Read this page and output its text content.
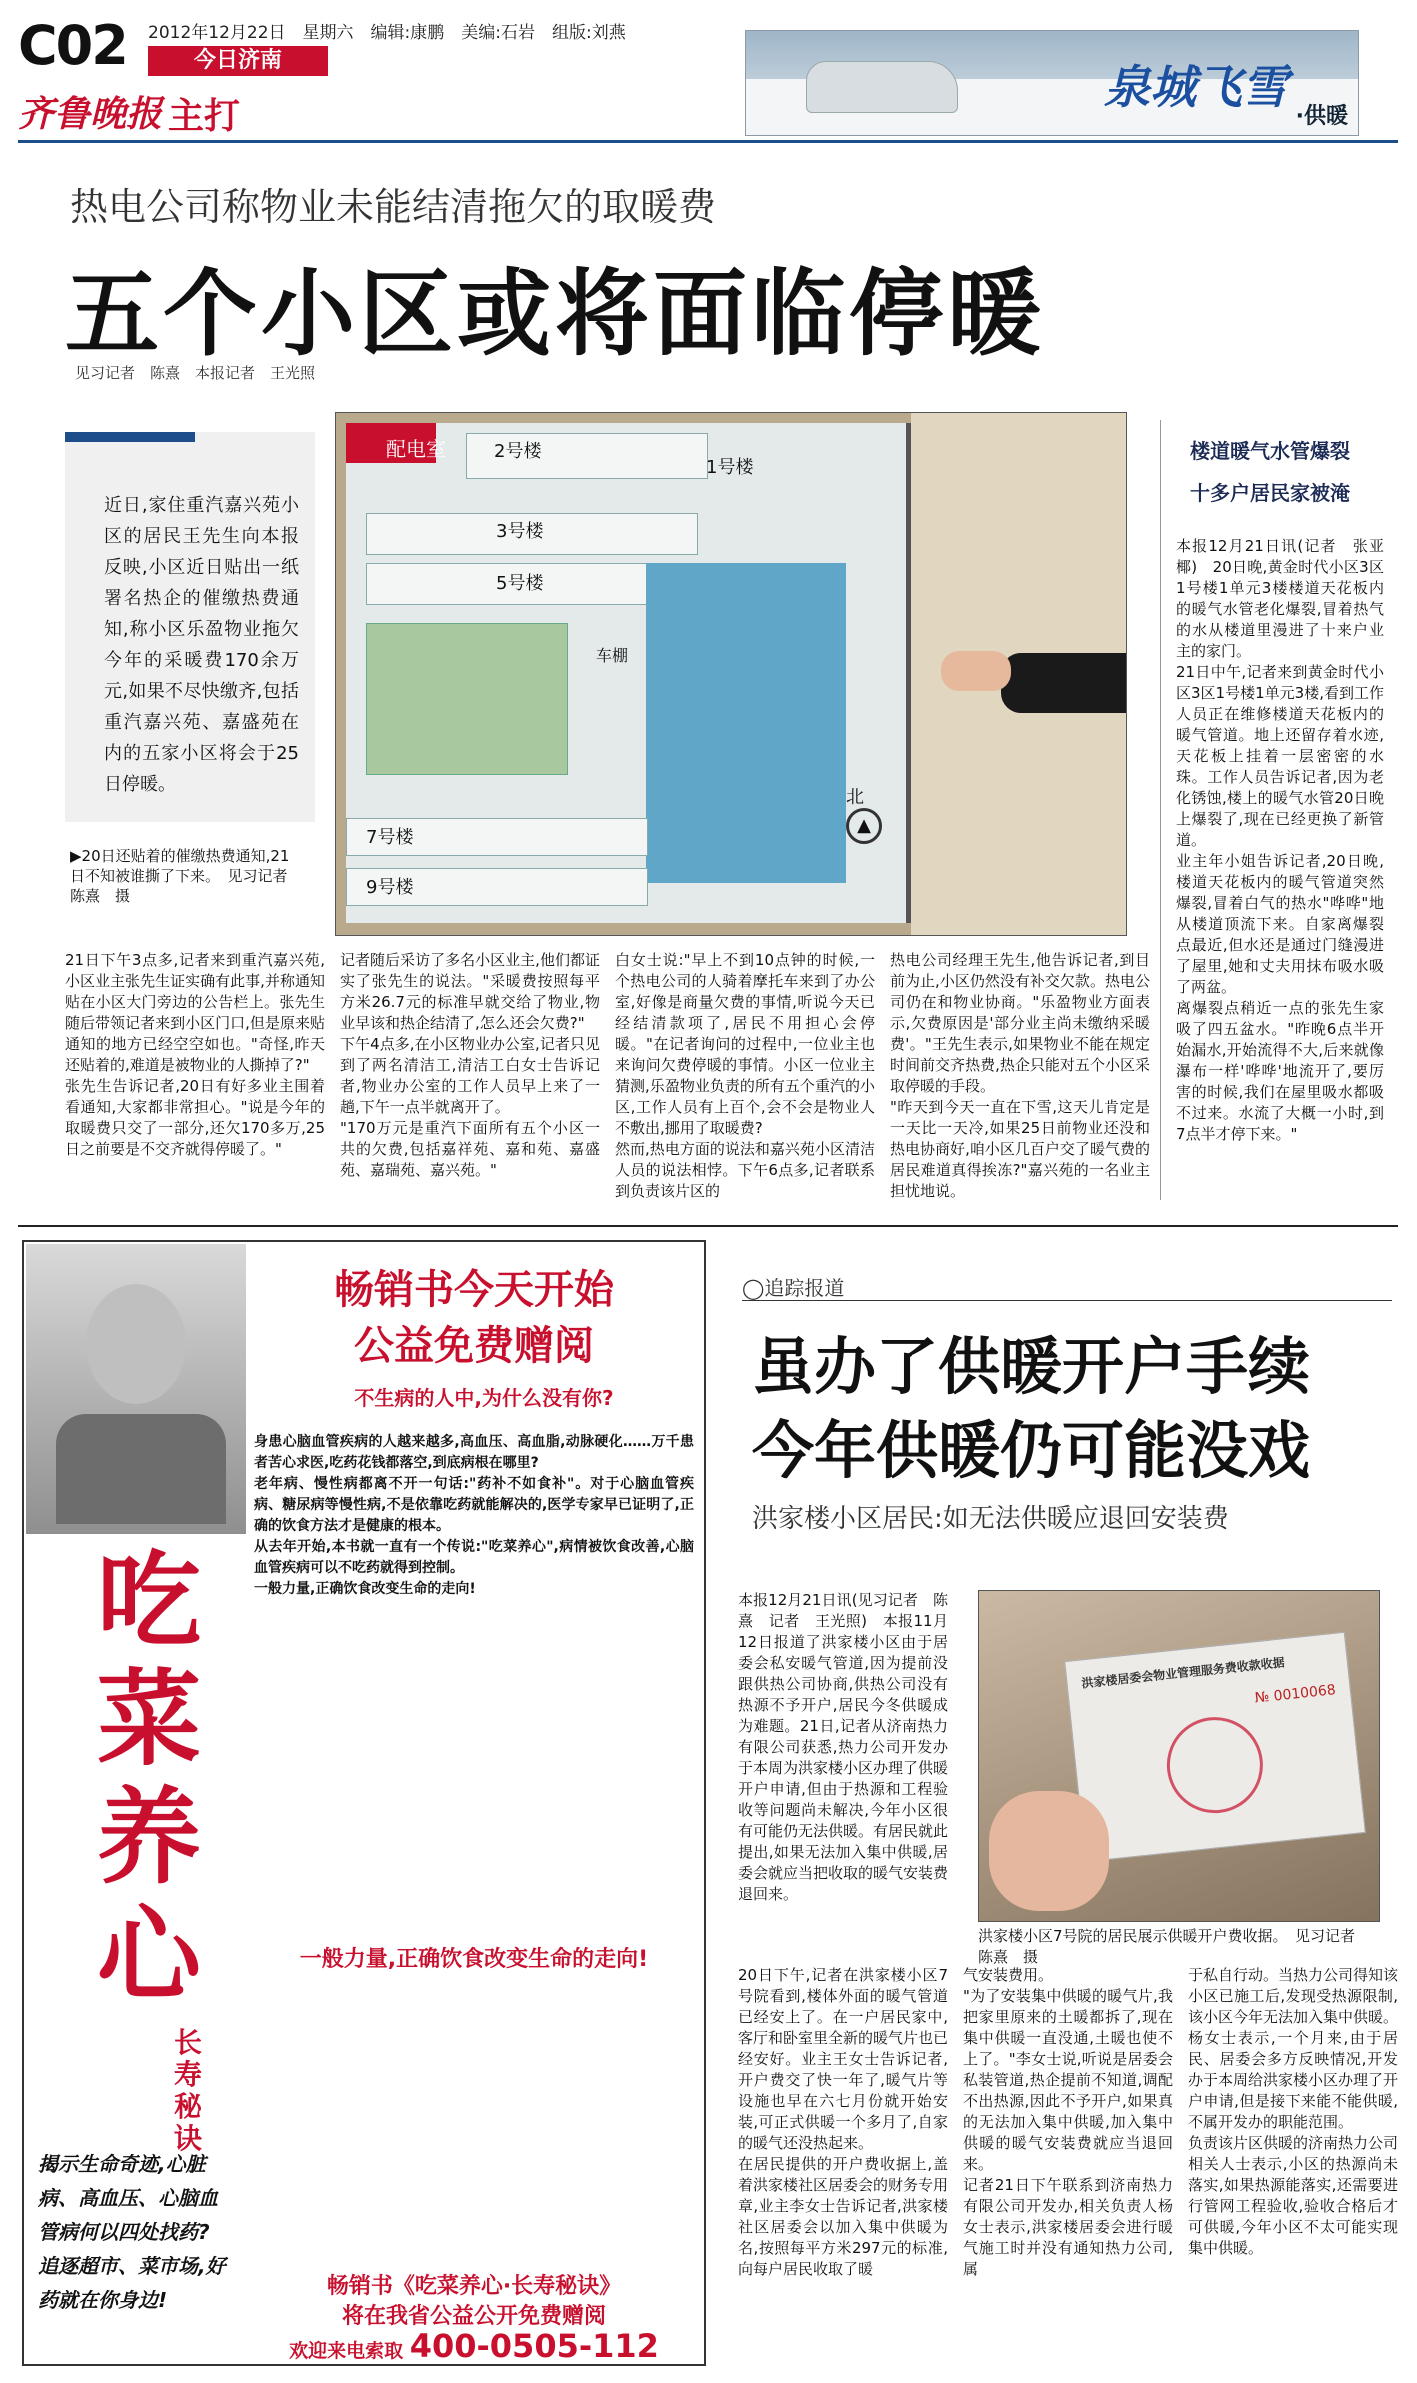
C02 2012年12月22日　星期六　编辑:康鹏　美编:石岩　组版:刘燕
今日济南
齐鲁晚报 主打
泉城飞雪
·供暖
热电公司称物业未能结清拖欠的取暖费
五个小区或将面临停暖
见习记者　陈熹　本报记者　王光照
近日,家住重汽嘉兴苑小区的居民王先生向本报反映,小区近日贴出一纸署名热企的催缴热费通知,称小区乐盈物业拖欠今年的采暖费170余万元,如果不尽快缴齐,包括重汽嘉兴苑、嘉盛苑在内的五家小区将会于25日停暖。
配电室	2号楼
1号楼
3号楼
5号楼
车棚
7号楼
9号楼
北
▲
▶20日还贴着的催缴热费通知,21日不知被谁撕了下来。　见习记者　陈熹　摄
楼道暖气水管爆裂
十多户居民家被淹
本报12月21日讯(记者　张亚椰)　20日晚,黄金时代小区3区1号楼1单元3楼楼道天花板内的暖气水管老化爆裂,冒着热气的水从楼道里漫进了十来户业主的家门。
21日中午,记者来到黄金时代小区3区1号楼1单元3楼,看到工作人员正在维修楼道天花板内的暖气管道。地上还留存着水迹,天花板上挂着一层密密的水珠。工作人员告诉记者,因为老化锈蚀,楼上的暖气水管20日晚上爆裂了,现在已经更换了新管道。
业主年小姐告诉记者,20日晚,楼道天花板内的暖气管道突然爆裂,冒着白气的热水"哗哗"地从楼道顶流下来。自家离爆裂点最近,但水还是通过门缝漫进了屋里,她和丈夫用抹布吸水吸了两盆。
离爆裂点稍近一点的张先生家吸了四五盆水。"昨晚6点半开始漏水,开始流得不大,后来就像瀑布一样'哗哗'地流开了,要厉害的时候,我们在屋里吸水都吸不过来。水流了大概一小时,到7点半才停下来。"
21日下午3点多,记者来到重汽嘉兴苑,小区业主张先生证实确有此事,并称通知贴在小区大门旁边的公告栏上。张先生随后带领记者来到小区门口,但是原来贴通知的地方已经空空如也。"奇怪,昨天还贴着的,难道是被物业的人撕掉了?"
张先生告诉记者,20日有好多业主围着看通知,大家都非常担心。"说是今年的取暖费只交了一部分,还欠170多万,25日之前要是不交齐就得停暖了。"
记者随后采访了多名小区业主,他们都证实了张先生的说法。"采暖费按照每平方米26.7元的标准早就交给了物业,物业早该和热企结清了,怎么还会欠费?"
下午4点多,在小区物业办公室,记者只见到了两名清洁工,清洁工白女士告诉记者,物业办公室的工作人员早上来了一趟,下午一点半就离开了。
"170万元是重汽下面所有五个小区一共的欠费,包括嘉祥苑、嘉和苑、嘉盛苑、嘉瑞苑、嘉兴苑。"
白女士说:"早上不到10点钟的时候,一个热电公司的人骑着摩托车来到了办公室,好像是商量欠费的事情,听说今天已经结清款项了,居民不用担心会停暖。"在记者询问的过程中,一位业主也来询问欠费停暖的事情。小区一位业主猜测,乐盈物业负责的所有五个重汽的小区,工作人员有上百个,会不会是物业人不敷出,挪用了取暖费?
然而,热电方面的说法和嘉兴苑小区清洁人员的说法相悖。下午6点多,记者联系到负责该片区的
热电公司经理王先生,他告诉记者,到目前为止,小区仍然没有补交欠款。热电公司仍在和物业协商。"乐盈物业方面表示,欠费原因是'部分业主尚未缴纳采暖费'。"王先生表示,如果物业不能在规定时间前交齐热费,热企只能对五个小区采取停暖的手段。
"昨天到今天一直在下雪,这天儿肯定是一天比一天冷,如果25日前物业还没和热电协商好,咱小区几百户交了暖气费的居民难道真得挨冻?"嘉兴苑的一名业主担忧地说。
畅销书今天开始
公益免费赠阅
不生病的人中,为什么没有你?
吃菜养心
长寿秘诀
揭示生命奇迹,心脏病、高血压、心脑血管病何以四处找药?追逐超市、菜市场,好药就在你身边!
身患心脑血管疾病的人越来越多,高血压、高血脂,动脉硬化……万千患者苦心求医,吃药花钱都落空,到底病根在哪里?
老年病、慢性病都离不开一句话:"药补不如食补"。对于心脑血管疾病、糖尿病等慢性病,不是依靠吃药就能解决的,医学专家早已证明了,正确的饮食方法才是健康的根本。
从去年开始,本书就一直有一个传说:"吃菜养心",病情被饮食改善,心脑血管疾病可以不吃药就得到控制。
一般力量,正确饮食改变生命的走向!
一般力量,正确饮食改变生命的走向!
畅销书《吃菜养心·长寿秘诀》
将在我省公益公开免费赠阅
欢迎来电索取 400-0505-112
◯追踪报道
虽办了供暖开户手续
今年供暖仍可能没戏
洪家楼小区居民:如无法供暖应退回安装费
本报12月21日讯(见习记者　陈熹　记者　王光照)　本报11月12日报道了洪家楼小区由于居委会私安暖气管道,因为提前没跟供热公司协商,供热公司没有热源不予开户,居民今冬供暖成为难题。21日,记者从济南热力有限公司获悉,热力公司开发办于本周为洪家楼小区办理了供暖开户申请,但由于热源和工程验收等问题尚未解决,今年小区很有可能仍无法供暖。有居民就此提出,如果无法加入集中供暖,居委会就应当把收取的暖气安装费退回来。
洪家楼居委会物业管理服务费收款收据
№ 0010068
洪家楼小区7号院的居民展示供暖开户费收据。　见习记者　陈熹　摄
20日下午,记者在洪家楼小区7号院看到,楼体外面的暖气管道已经安上了。在一户居民家中,客厅和卧室里全新的暖气片也已经安好。业主王女士告诉记者,开户费交了快一年了,暖气片等设施也早在六七月份就开始安装,可正式供暖一个多月了,自家的暖气还没热起来。
在居民提供的开户费收据上,盖着洪家楼社区居委会的财务专用章,业主李女士告诉记者,洪家楼社区居委会以加入集中供暖为名,按照每平方米297元的标准,向每户居民收取了暖
气安装费用。
"为了安装集中供暖的暖气片,我把家里原来的土暖都拆了,现在集中供暖一直没通,土暖也使不上了。"李女士说,听说是居委会私装管道,热企提前不知道,调配不出热源,因此不予开户,如果真的无法加入集中供暖,加入集中供暖的暖气安装费就应当退回来。
记者21日下午联系到济南热力有限公司开发办,相关负责人杨女士表示,洪家楼居委会进行暖气施工时并没有通知热力公司,属
于私自行动。当热力公司得知该小区已施工后,发现受热源限制,该小区今年无法加入集中供暖。杨女士表示,一个月来,由于居民、居委会多方反映情况,开发办于本周给洪家楼小区办理了开户申请,但是接下来能不能供暖,不属开发办的职能范围。
负责该片区供暖的济南热力公司相关人士表示,小区的热源尚未落实,如果热源能落实,还需要进行管网工程验收,验收合格后才可供暖,今年小区不太可能实现集中供暖。
